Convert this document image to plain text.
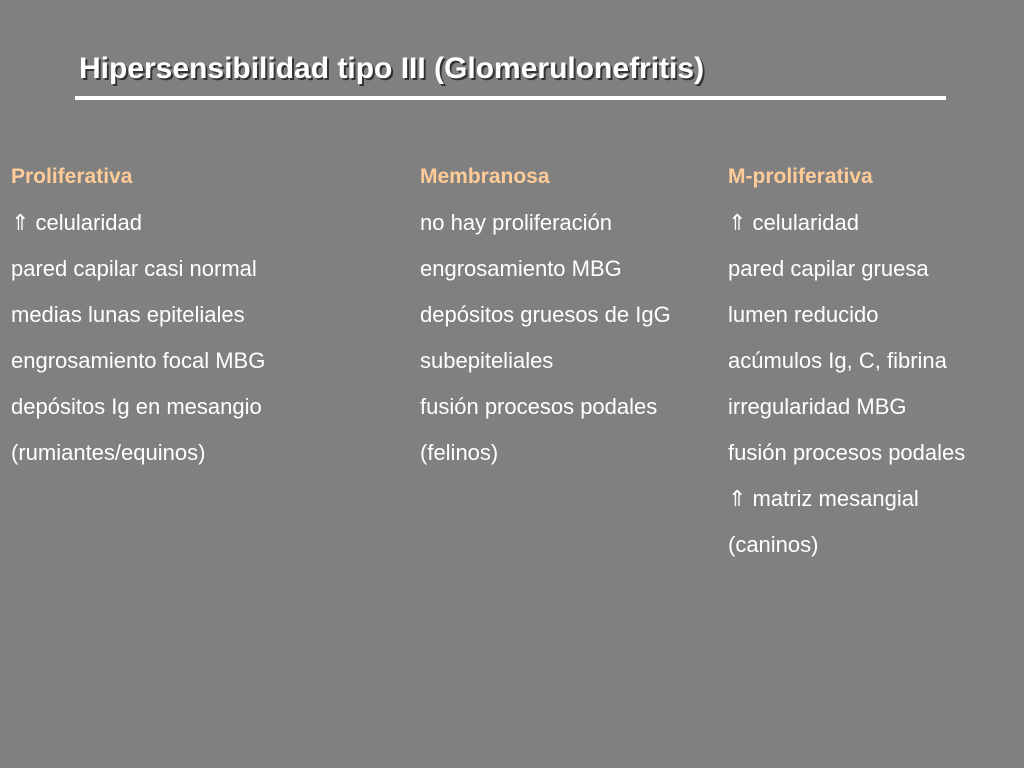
Hipersensibilidad tipo III (Glomerulonefritis)
Proliferativa
⇑ celularidad
pared capilar casi normal
medias lunas epiteliales
engrosamiento focal MBG
depósitos Ig en mesangio
(rumiantes/equinos)
Membranosa
no hay proliferación
engrosamiento MBG
depósitos gruesos de IgG
subepiteliales
fusión procesos podales
(felinos)
M-proliferativa
⇑ celularidad
pared capilar gruesa
lumen reducido
acúmulos Ig, C, fibrina
irregularidad MBG
fusión procesos podales
⇑ matriz mesangial
(caninos)
